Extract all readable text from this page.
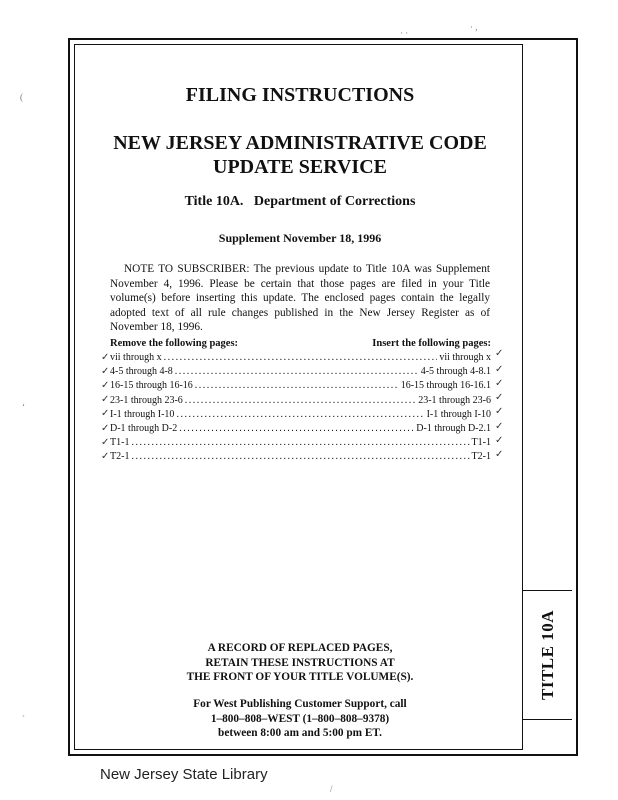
TITLE 10A
FILING INSTRUCTIONS
NEW JERSEY ADMINISTRATIVE CODE
UPDATE SERVICE
Title 10A.   Department of Corrections
Supplement November 18, 1996
NOTE TO SUBSCRIBER: The previous update to Title 10A was Supplement November 4, 1996. Please be certain that those pages are filed in your Title volume(s) before inserting this update. The enclosed pages contain the legally adopted text of all rule changes published in the New Jersey Register as of November 18, 1996.
Remove the following pages:	Insert the following pages:
vii through x .....	vii through x
4-5 through 4-8 .....	4-5 through 4-8.1
16-15 through 16-16 .....	16-15 through 16-16.1
23-1 through 23-6 .....	23-1 through 23-6
I-1 through I-10 .....	I-1 through I-10
D-1 through D-2 .....	D-1 through D-2.1
T1-1 .....	T1-1
T2-1 .....	T2-1
✓
✓
✓
✓
✓
✓
✓
✓
✓
✓
✓
✓
✓
✓
✓
✓
A RECORD OF REPLACED PAGES,
RETAIN THESE INSTRUCTIONS AT
THE FRONT OF YOUR TITLE VOLUME(S).
For West Publishing Customer Support, call
1–800–808–WEST (1–800–808–9378)
between 8:00 am and 5:00 pm ET.
New Jersey State Library
(
‘
`
· ·
· ,
/
